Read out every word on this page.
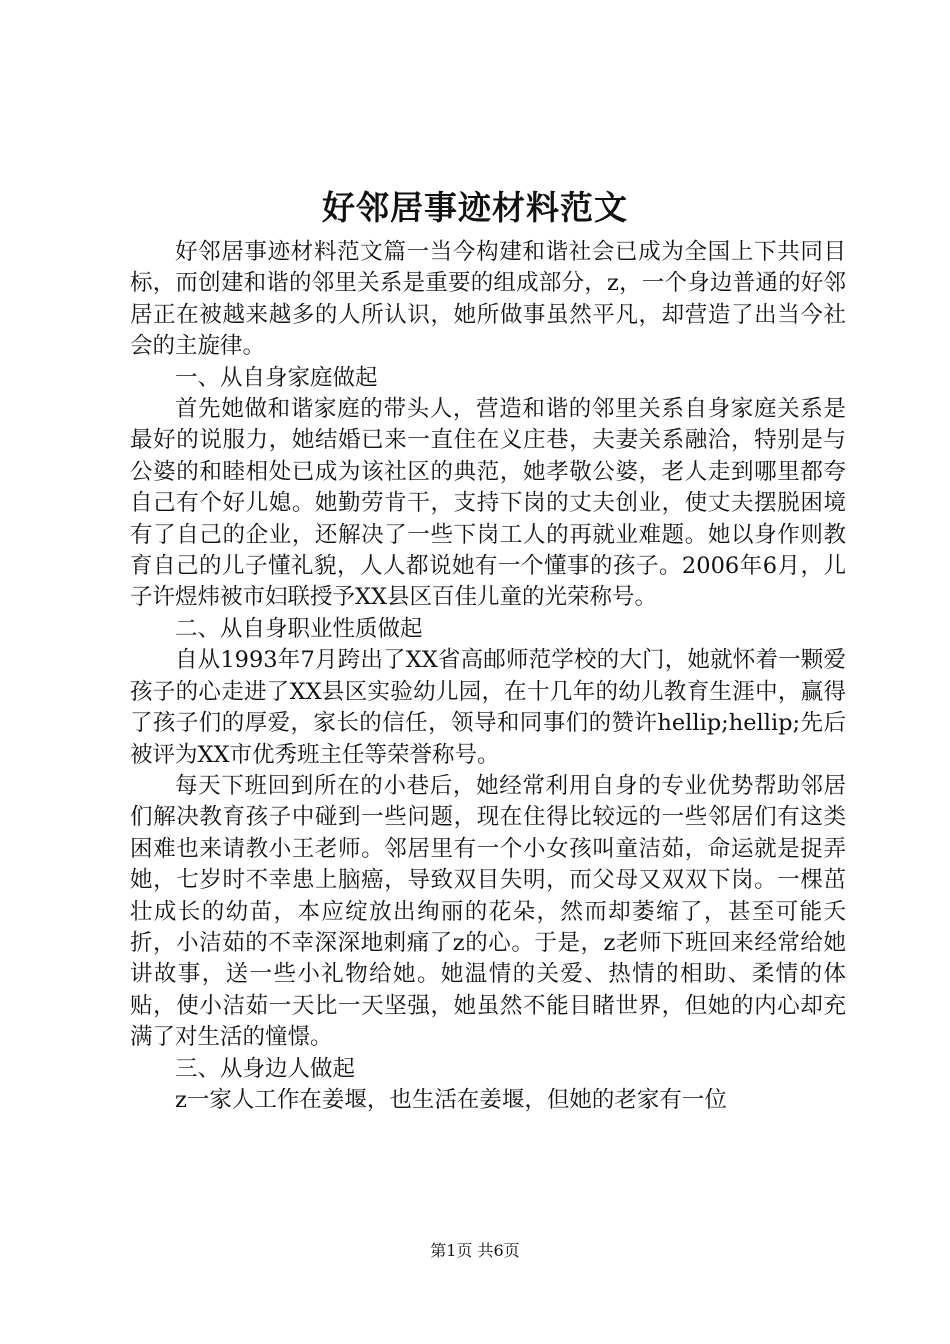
好邻居事迹材料范文

好邻居事迹材料范文篇一当今构建和谐社会已成为全国上下共同目标，而创建和谐的邻里关系是重要的组成部分，z，一个身边普通的好邻居正在被越来越多的人所认识，她所做事虽然平凡，却营造了出当今社会的主旋律。

一、从自身家庭做起

首先她做和谐家庭的带头人，营造和谐的邻里关系自身家庭关系是最好的说服力，她结婚已来一直住在义庄巷，夫妻关系融洽，特别是与公婆的和睦相处已成为该社区的典范，她孝敬公婆，老人走到哪里都夸自己有个好儿媳。她勤劳肯干，支持下岗的丈夫创业，使丈夫摆脱困境有了自己的企业，还解决了一些下岗工人的再就业难题。她以身作则教育自己的儿子懂礼貌，人人都说她有一个懂事的孩子。2006年6月，儿子许煜炜被市妇联授予XX县区百佳儿童的光荣称号。

二、从自身职业性质做起

自从1993年7月跨出了XX省高邮师范学校的大门，她就怀着一颗爱孩子的心走进了XX县区实验幼儿园，在十几年的幼儿教育生涯中，赢得了孩子们的厚爱，家长的信任，领导和同事们的赞许hellip;hellip;先后被评为XX市优秀班主任等荣誉称号。

每天下班回到所在的小巷后，她经常利用自身的专业优势帮助邻居们解决教育孩子中碰到一些问题，现在住得比较远的一些邻居们有这类困难也来请教小王老师。邻居里有一个小女孩叫童洁茹，命运就是捉弄她，七岁时不幸患上脑癌，导致双目失明，而父母又双双下岗。一棵茁壮成长的幼苗，本应绽放出绚丽的花朵，然而却萎缩了，甚至可能夭折，小洁茹的不幸深深地刺痛了z的心。于是，z老师下班回来经常给她讲故事，送一些小礼物给她。她温情的关爱、热情的相助、柔情的体贴，使小洁茹一天比一天坚强，她虽然不能目睹世界，但她的内心却充满了对生活的憧憬。

三、从身边人做起

z一家人工作在姜堰，也生活在姜堰，但她的老家有一位

第1页 共6页
